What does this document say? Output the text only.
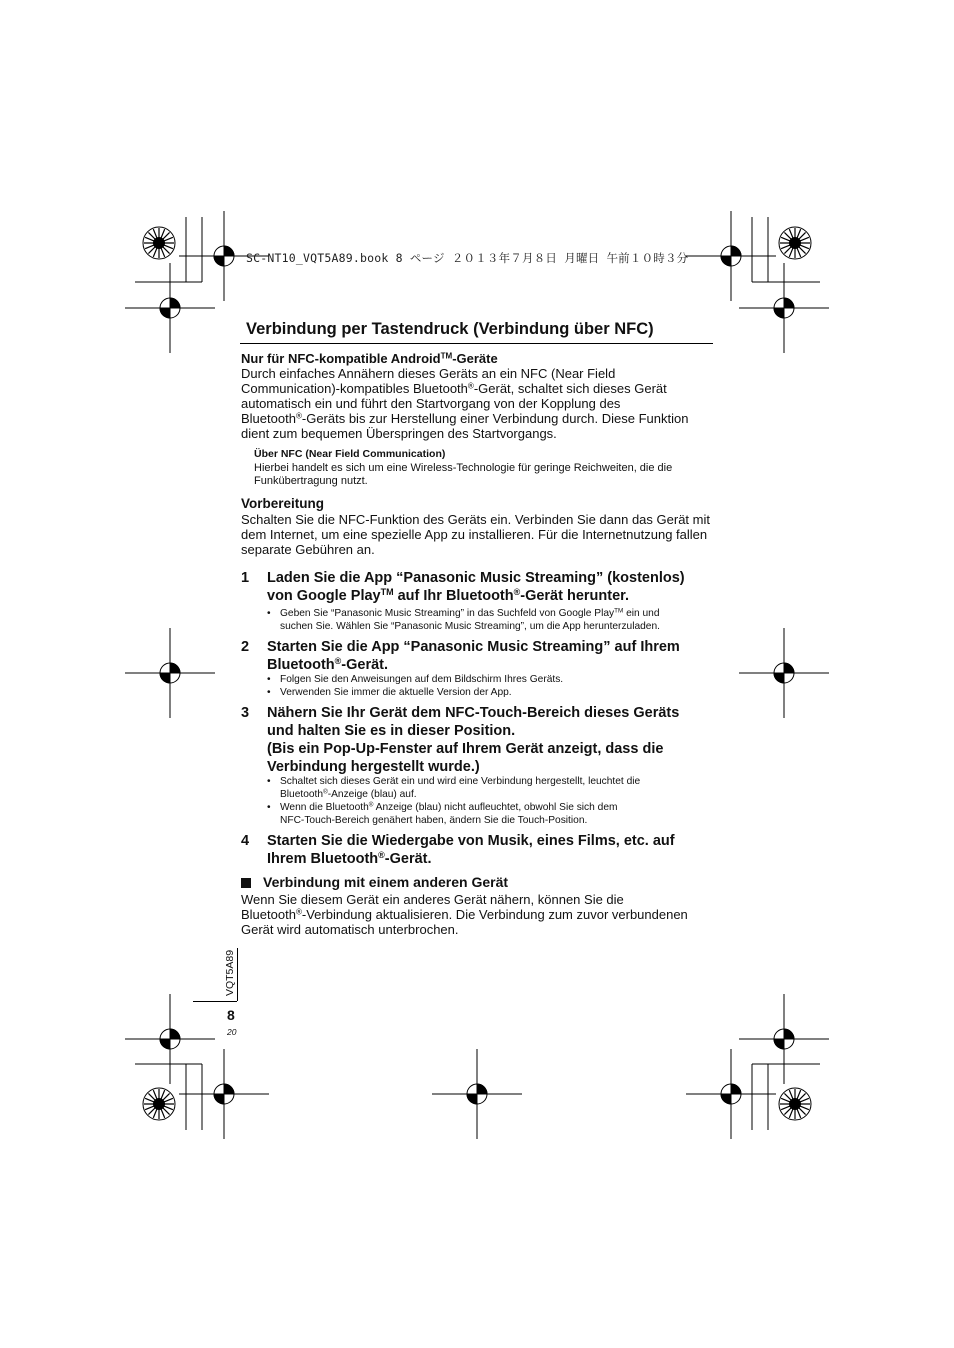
SC-NT10_VQT5A89.book 8 ページ ２０１３年７月８日 月曜日 午前１０時３分
Verbindung per Tastendruck (Verbindung über NFC)
Nur für NFC-kompatible Android™-Geräte
Durch einfaches Annähern dieses Geräts an ein NFC (Near Field
Communication)-kompatibles Bluetooth®-Gerät, schaltet sich dieses Gerät
automatisch ein und führt den Startvorgang von der Kopplung des
Bluetooth®-Geräts bis zur Herstellung einer Verbindung durch. Diese Funktion
dient zum bequemen Überspringen des Startvorgangs.
Über NFC (Near Field Communication)
Hierbei handelt es sich um eine Wireless-Technologie für geringe Reichweiten, die die
Funkübertragung nutzt.
Vorbereitung
Schalten Sie die NFC-Funktion des Geräts ein. Verbinden Sie dann das Gerät mit
dem Internet, um eine spezielle App zu installieren. Für die Internetnutzung fallen
separate Gebühren an.
1 Laden Sie die App “Panasonic Music Streaming” (kostenlos)
von Google Play™ auf Ihr Bluetooth®-Gerät herunter.
• Geben Sie “Panasonic Music Streaming” in das Suchfeld von Google Play™ ein und
suchen Sie. Wählen Sie “Panasonic Music Streaming”, um die App herunterzuladen.
2 Starten Sie die App “Panasonic Music Streaming” auf Ihrem
Bluetooth®-Gerät.
• Folgen Sie den Anweisungen auf dem Bildschirm Ihres Geräts.
• Verwenden Sie immer die aktuelle Version der App.
3 Nähern Sie Ihr Gerät dem NFC-Touch-Bereich dieses Geräts
und halten Sie es in dieser Position.
(Bis ein Pop-Up-Fenster auf Ihrem Gerät anzeigt, dass die
Verbindung hergestellt wurde.)
• Schaltet sich dieses Gerät ein und wird eine Verbindung hergestellt, leuchtet die
Bluetooth®-Anzeige (blau) auf.
• Wenn die Bluetooth® Anzeige (blau) nicht aufleuchtet, obwohl Sie sich dem
NFC-Touch-Bereich genähert haben, ändern Sie die Touch-Position.
4 Starten Sie die Wiedergabe von Musik, eines Films, etc. auf
Ihrem Bluetooth®-Gerät.
Verbindung mit einem anderen Gerät
Wenn Sie diesem Gerät ein anderes Gerät nähern, können Sie die
Bluetooth®-Verbindung aktualisieren. Die Verbindung zum zuvor verbundenen
Gerät wird automatisch unterbrochen.
VQT5A89
8
20
